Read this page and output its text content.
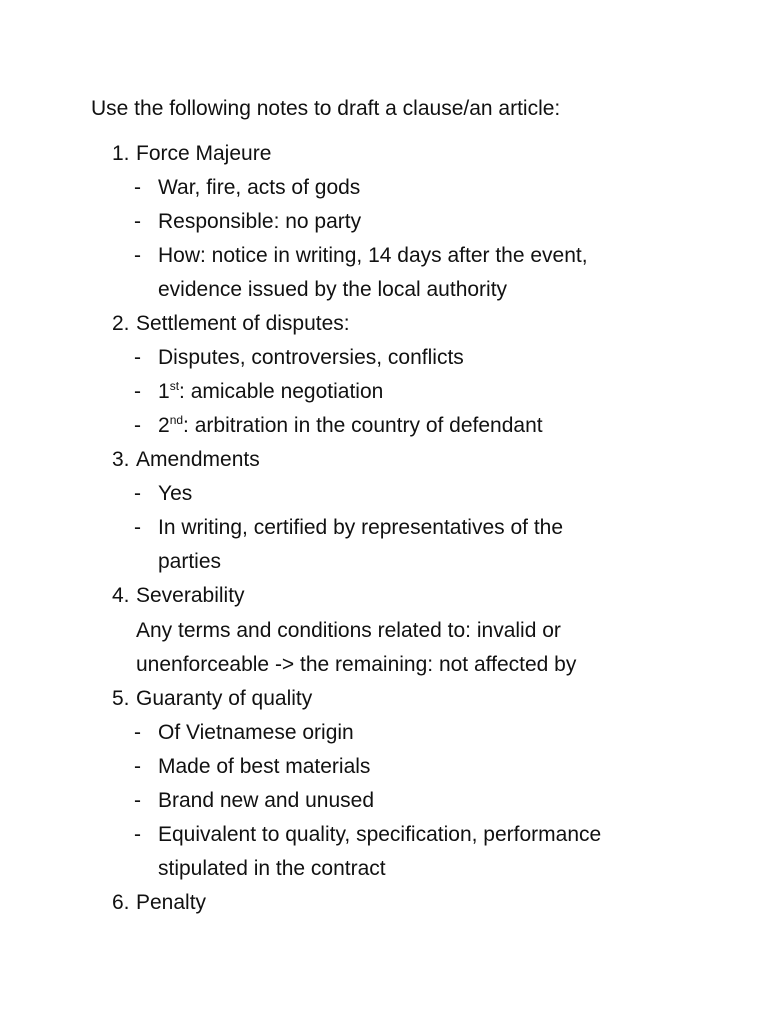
Use the following notes to draft a clause/an article:
1. Force Majeure
- War, fire, acts of gods
- Responsible: no party
- How: notice in writing, 14 days after the event,
evidence issued by the local authority
2. Settlement of disputes:
- Disputes, controversies, conflicts
- 1st: amicable negotiation
- 2nd: arbitration in the country of defendant
3. Amendments
- Yes
- In writing, certified by representatives of the
parties
4. Severability
Any terms and conditions related to: invalid or
unenforceable -> the remaining: not affected by
5. Guaranty of quality
- Of Vietnamese origin
- Made of best materials
- Brand new and unused
- Equivalent to quality, specification, performance
stipulated in the contract
6. Penalty
